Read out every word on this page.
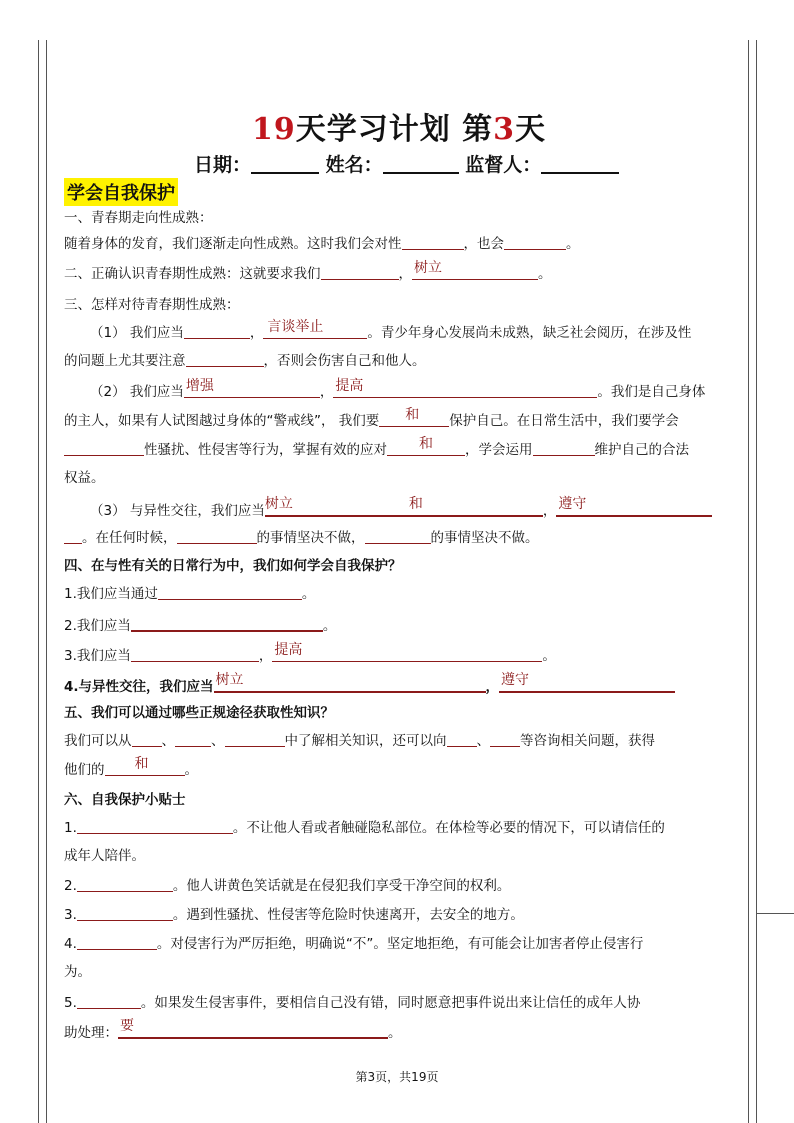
19天学习计划 第3天
日期：	姓名：	监督人：
学会自我保护
一、青春期走向性成熟：
随着身体的发育，我们逐渐走向性成熟。这时我们会对性	，也会	。
二、正确认识青春期性成熟：这就要求我们	， 树立	。
三、怎样对待青春期性成熟：
（1） 我们应当	， 言谈举止	。青少年身心发展尚未成熟，缺乏社会阅历，在涉及性
的问题上尤其要注意	，否则会伤害自己和他人。
（2） 我们应当 增强	， 提高	。我们是自己身体
的主人，如果有人试图越过身体的“警戒线”， 我们要 和 保护自己。在日常生活中，我们要学会
性骚扰、性侵害等行为，掌握有效的应对 和 ，学会运用	维护自己的合法
权益。
（3） 与异性交往，我们应当 树立	和	， 遵守
。在任何时候，	的事情坚决不做，	的事情坚决不做。
四、在与性有关的日常行为中，我们如何学会自我保护？
1.我们应当通过	。
2.我们应当	。
3.我们应当	， 提高	。
4.与异性交往，我们应当 树立	， 遵守
五、我们可以通过哪些正规途径获取性知识？
我们可以从 、	、	中了解相关知识，还可以向 、 等咨询相关问题，获得
他们的 和	。
六、自我保护小贴士
1.	。不让他人看或者触碰隐私部位。在体检等必要的情况下，可以请信任的
成年人陪伴。
2.	。他人讲黄色笑话就是在侵犯我们享受干净空间的权利。
3.	。遇到性骚扰、性侵害等危险时快速离开，去安全的地方。
4.	。对侵害行为严厉拒绝，明确说“不”。坚定地拒绝，有可能会让加害者停止侵害行
为。
5.	。如果发生侵害事件，要相信自己没有错，同时愿意把事件说出来让信任的成年人协
助处理： 要	。
第3页，共19页
